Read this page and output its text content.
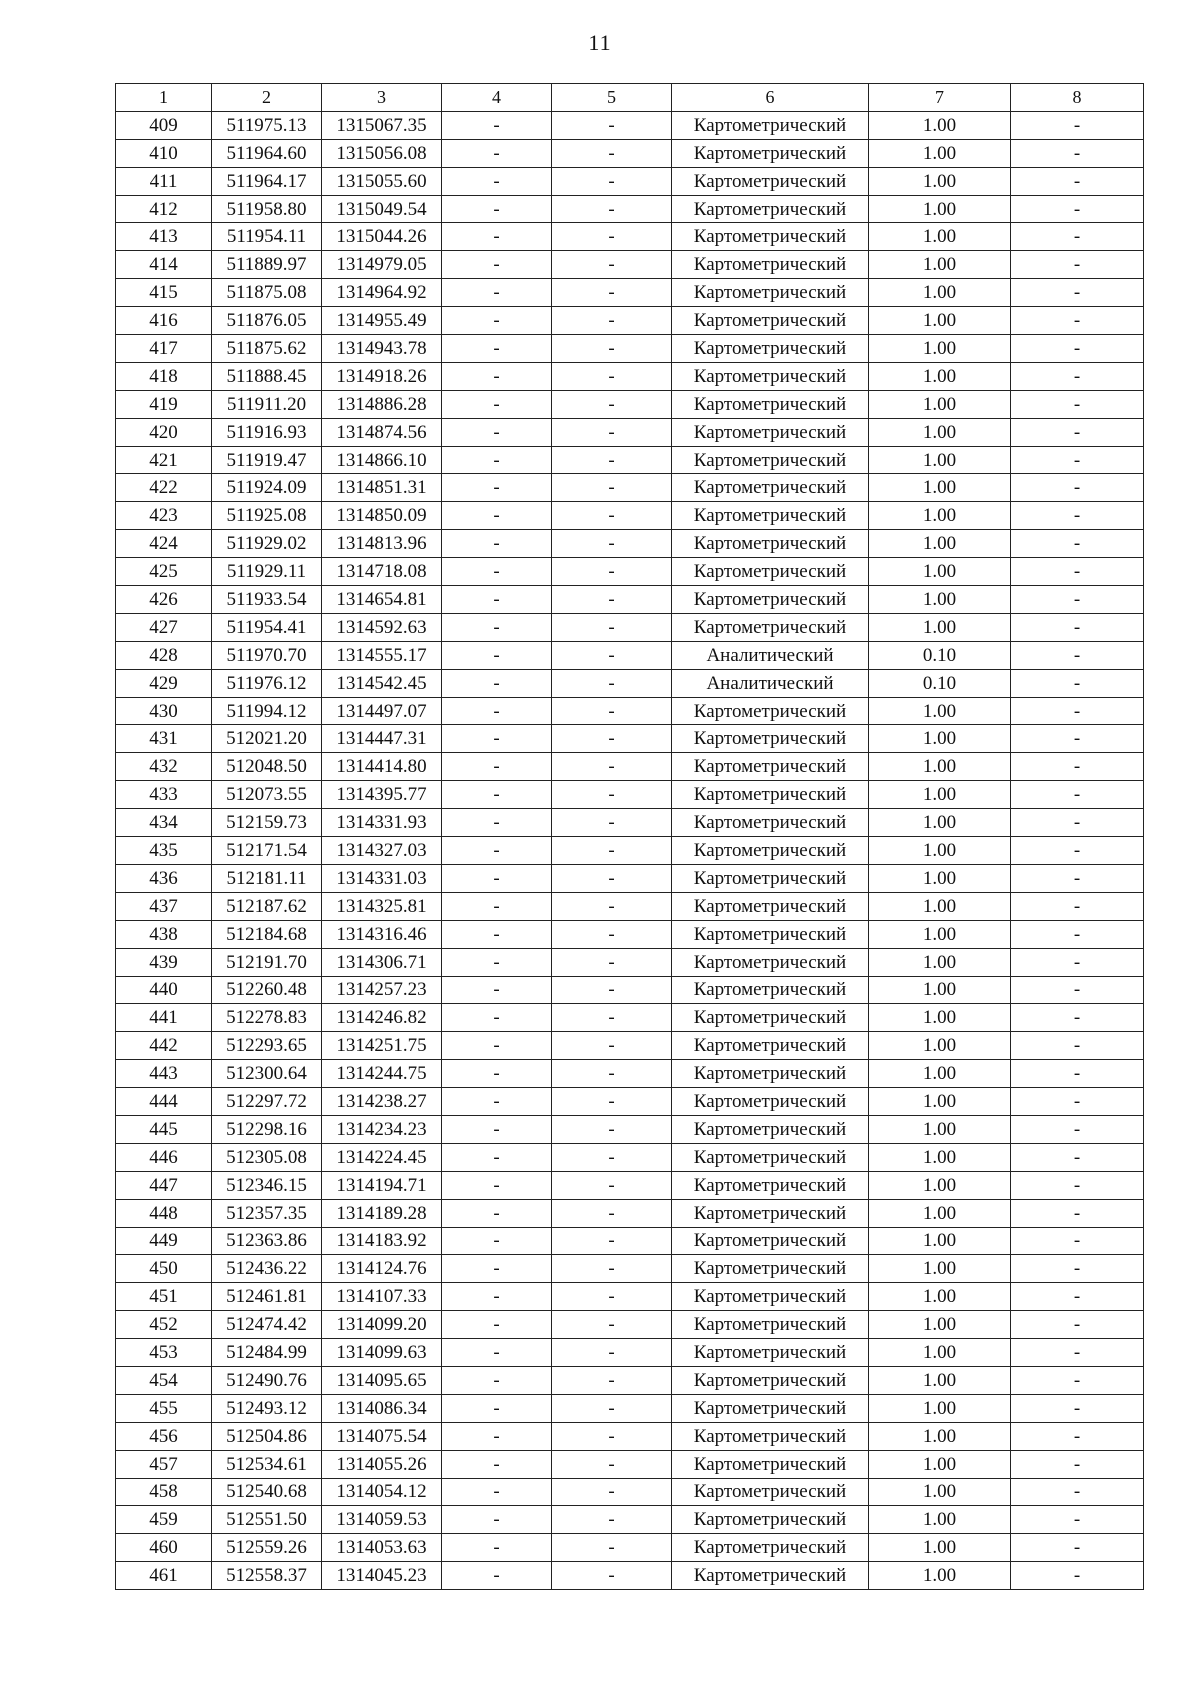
11
1	2	3	4	5	6	7	8
409	511975.13	1315067.35	-	-	Картометрический	1.00	-
410	511964.60	1315056.08	-	-	Картометрический	1.00	-
411	511964.17	1315055.60	-	-	Картометрический	1.00	-
412	511958.80	1315049.54	-	-	Картометрический	1.00	-
413	511954.11	1315044.26	-	-	Картометрический	1.00	-
414	511889.97	1314979.05	-	-	Картометрический	1.00	-
415	511875.08	1314964.92	-	-	Картометрический	1.00	-
416	511876.05	1314955.49	-	-	Картометрический	1.00	-
417	511875.62	1314943.78	-	-	Картометрический	1.00	-
418	511888.45	1314918.26	-	-	Картометрический	1.00	-
419	511911.20	1314886.28	-	-	Картометрический	1.00	-
420	511916.93	1314874.56	-	-	Картометрический	1.00	-
421	511919.47	1314866.10	-	-	Картометрический	1.00	-
422	511924.09	1314851.31	-	-	Картометрический	1.00	-
423	511925.08	1314850.09	-	-	Картометрический	1.00	-
424	511929.02	1314813.96	-	-	Картометрический	1.00	-
425	511929.11	1314718.08	-	-	Картометрический	1.00	-
426	511933.54	1314654.81	-	-	Картометрический	1.00	-
427	511954.41	1314592.63	-	-	Картометрический	1.00	-
428	511970.70	1314555.17	-	-	Аналитический	0.10	-
429	511976.12	1314542.45	-	-	Аналитический	0.10	-
430	511994.12	1314497.07	-	-	Картометрический	1.00	-
431	512021.20	1314447.31	-	-	Картометрический	1.00	-
432	512048.50	1314414.80	-	-	Картометрический	1.00	-
433	512073.55	1314395.77	-	-	Картометрический	1.00	-
434	512159.73	1314331.93	-	-	Картометрический	1.00	-
435	512171.54	1314327.03	-	-	Картометрический	1.00	-
436	512181.11	1314331.03	-	-	Картометрический	1.00	-
437	512187.62	1314325.81	-	-	Картометрический	1.00	-
438	512184.68	1314316.46	-	-	Картометрический	1.00	-
439	512191.70	1314306.71	-	-	Картометрический	1.00	-
440	512260.48	1314257.23	-	-	Картометрический	1.00	-
441	512278.83	1314246.82	-	-	Картометрический	1.00	-
442	512293.65	1314251.75	-	-	Картометрический	1.00	-
443	512300.64	1314244.75	-	-	Картометрический	1.00	-
444	512297.72	1314238.27	-	-	Картометрический	1.00	-
445	512298.16	1314234.23	-	-	Картометрический	1.00	-
446	512305.08	1314224.45	-	-	Картометрический	1.00	-
447	512346.15	1314194.71	-	-	Картометрический	1.00	-
448	512357.35	1314189.28	-	-	Картометрический	1.00	-
449	512363.86	1314183.92	-	-	Картометрический	1.00	-
450	512436.22	1314124.76	-	-	Картометрический	1.00	-
451	512461.81	1314107.33	-	-	Картометрический	1.00	-
452	512474.42	1314099.20	-	-	Картометрический	1.00	-
453	512484.99	1314099.63	-	-	Картометрический	1.00	-
454	512490.76	1314095.65	-	-	Картометрический	1.00	-
455	512493.12	1314086.34	-	-	Картометрический	1.00	-
456	512504.86	1314075.54	-	-	Картометрический	1.00	-
457	512534.61	1314055.26	-	-	Картометрический	1.00	-
458	512540.68	1314054.12	-	-	Картометрический	1.00	-
459	512551.50	1314059.53	-	-	Картометрический	1.00	-
460	512559.26	1314053.63	-	-	Картометрический	1.00	-
461	512558.37	1314045.23	-	-	Картометрический	1.00	-
